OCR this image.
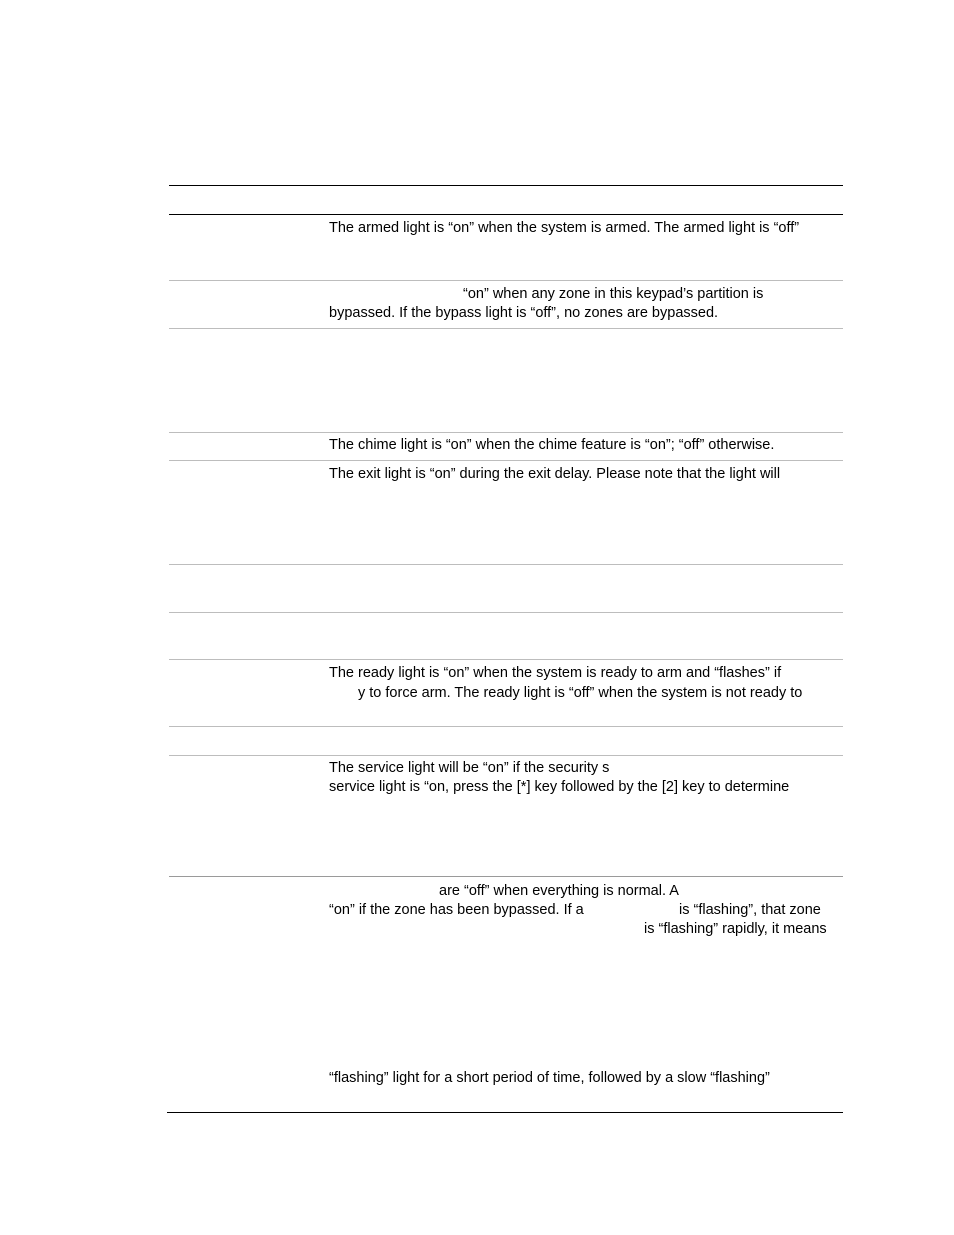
The armed light is “on” when the system is armed. The armed light is “off”
“on” when any zone in this keypad’s partition is
bypassed. If the bypass light is “off”, no zones are bypassed.
The chime light is “on” when the chime feature is “on”; “off” otherwise.
The exit light is “on” during the exit delay. Please note that the light will
The ready light is “on” when the system is ready to arm and “flashes” if
y to force arm. The ready light is “off” when the system is not ready to
The service light will be “on” if the security s
service light is “on, press the [*] key followed by the [2] key to determine
are “off” when everything is normal. A
“on” if the zone has been bypassed. If a	is “flashing”, that zone
is “flashing” rapidly, it means
“flashing” light for a short period of time, followed by a slow “flashing”
